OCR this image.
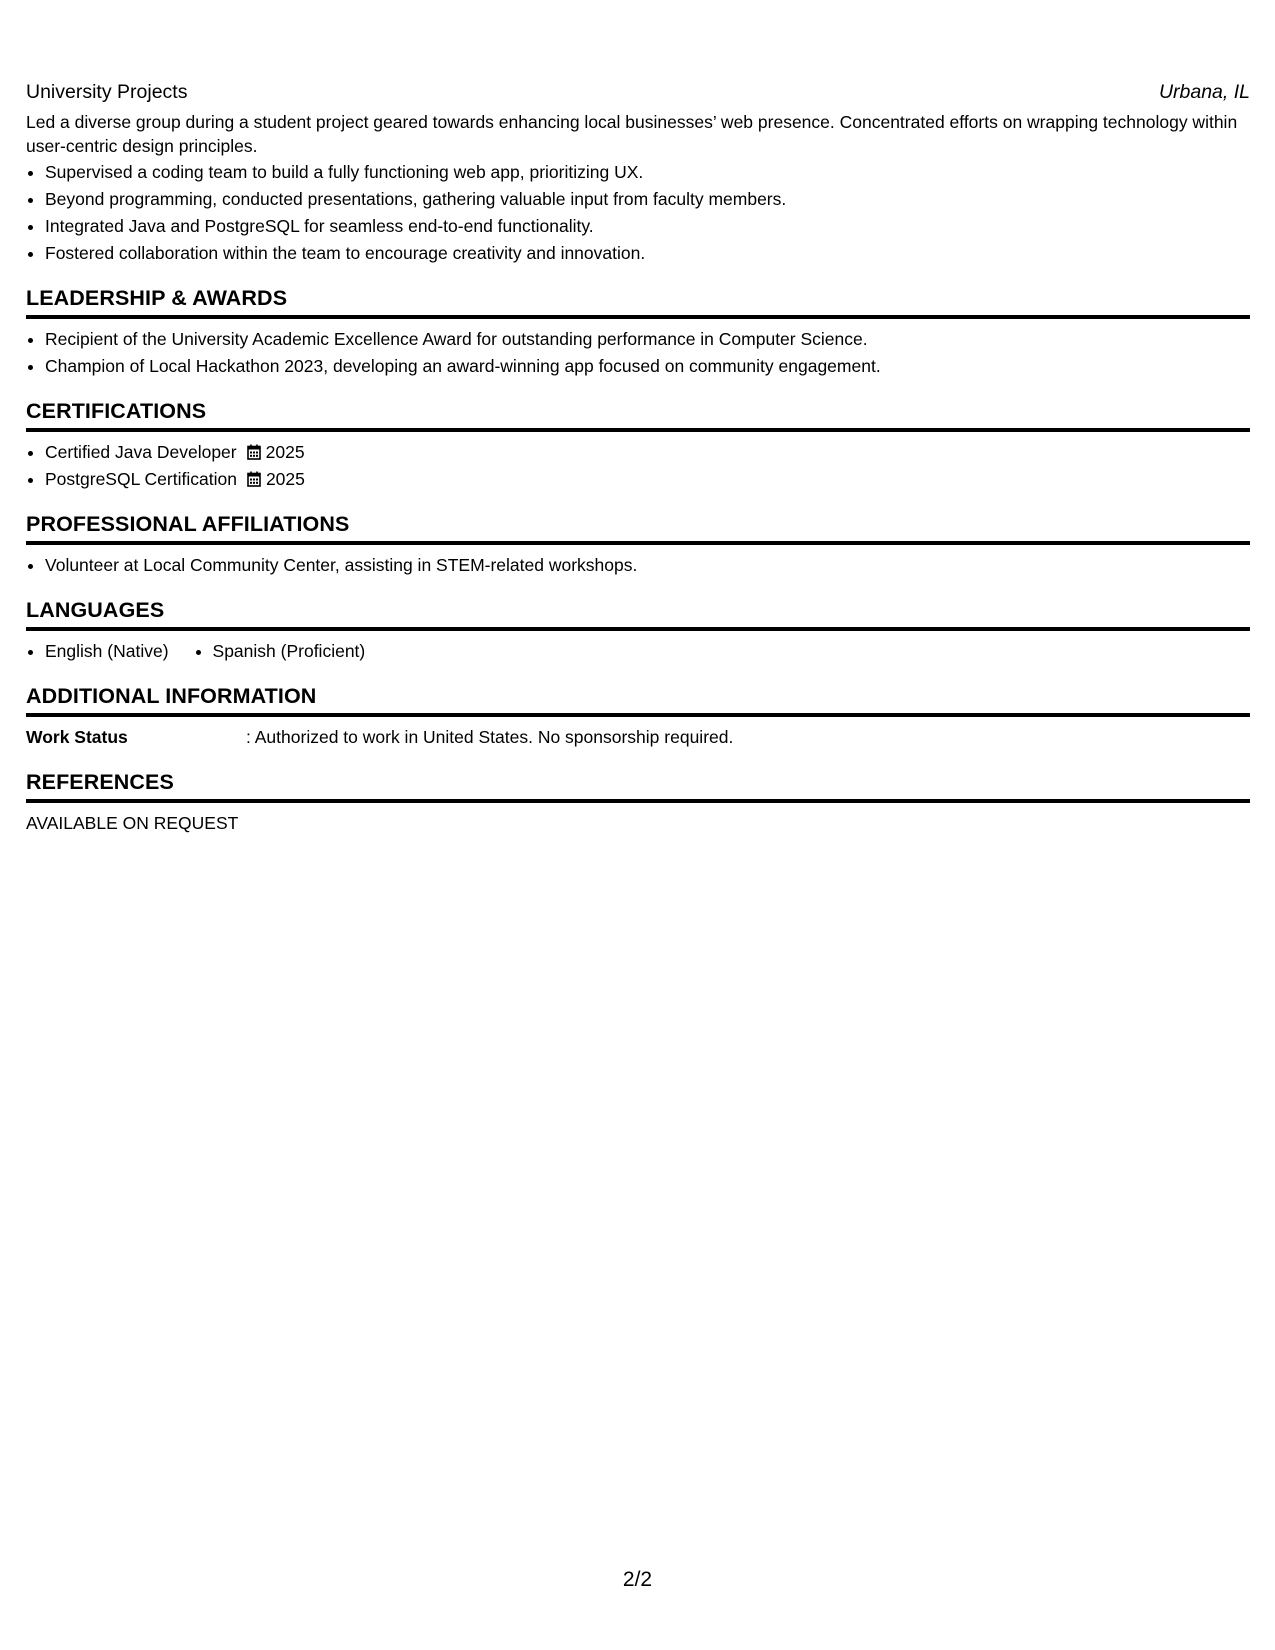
University Projects	Urbana, IL
Led a diverse group during a student project geared towards enhancing local businesses’ web presence. Concentrated efforts on wrapping technology within user-centric design principles.
• Supervised a coding team to build a fully functioning web app, prioritizing UX.
• Beyond programming, conducted presentations, gathering valuable input from faculty members.
• Integrated Java and PostgreSQL for seamless end-to-end functionality.
• Fostered collaboration within the team to encourage creativity and innovation.
LEADERSHIP & AWARDS
• Recipient of the University Academic Excellence Award for outstanding performance in Computer Science.
• Champion of Local Hackathon 2023, developing an award-winning app focused on community engagement.
CERTIFICATIONS
• Certified Java Developer 2025
• PostgreSQL Certification 2025
PROFESSIONAL AFFILIATIONS
• Volunteer at Local Community Center, assisting in STEM-related workshops.
LANGUAGES
• English (Native)
•	Spanish (Proficient)
ADDITIONAL INFORMATION
Work Status	: Authorized to work in United States. No sponsorship required.
REFERENCES
AVAILABLE ON REQUEST
2/2
